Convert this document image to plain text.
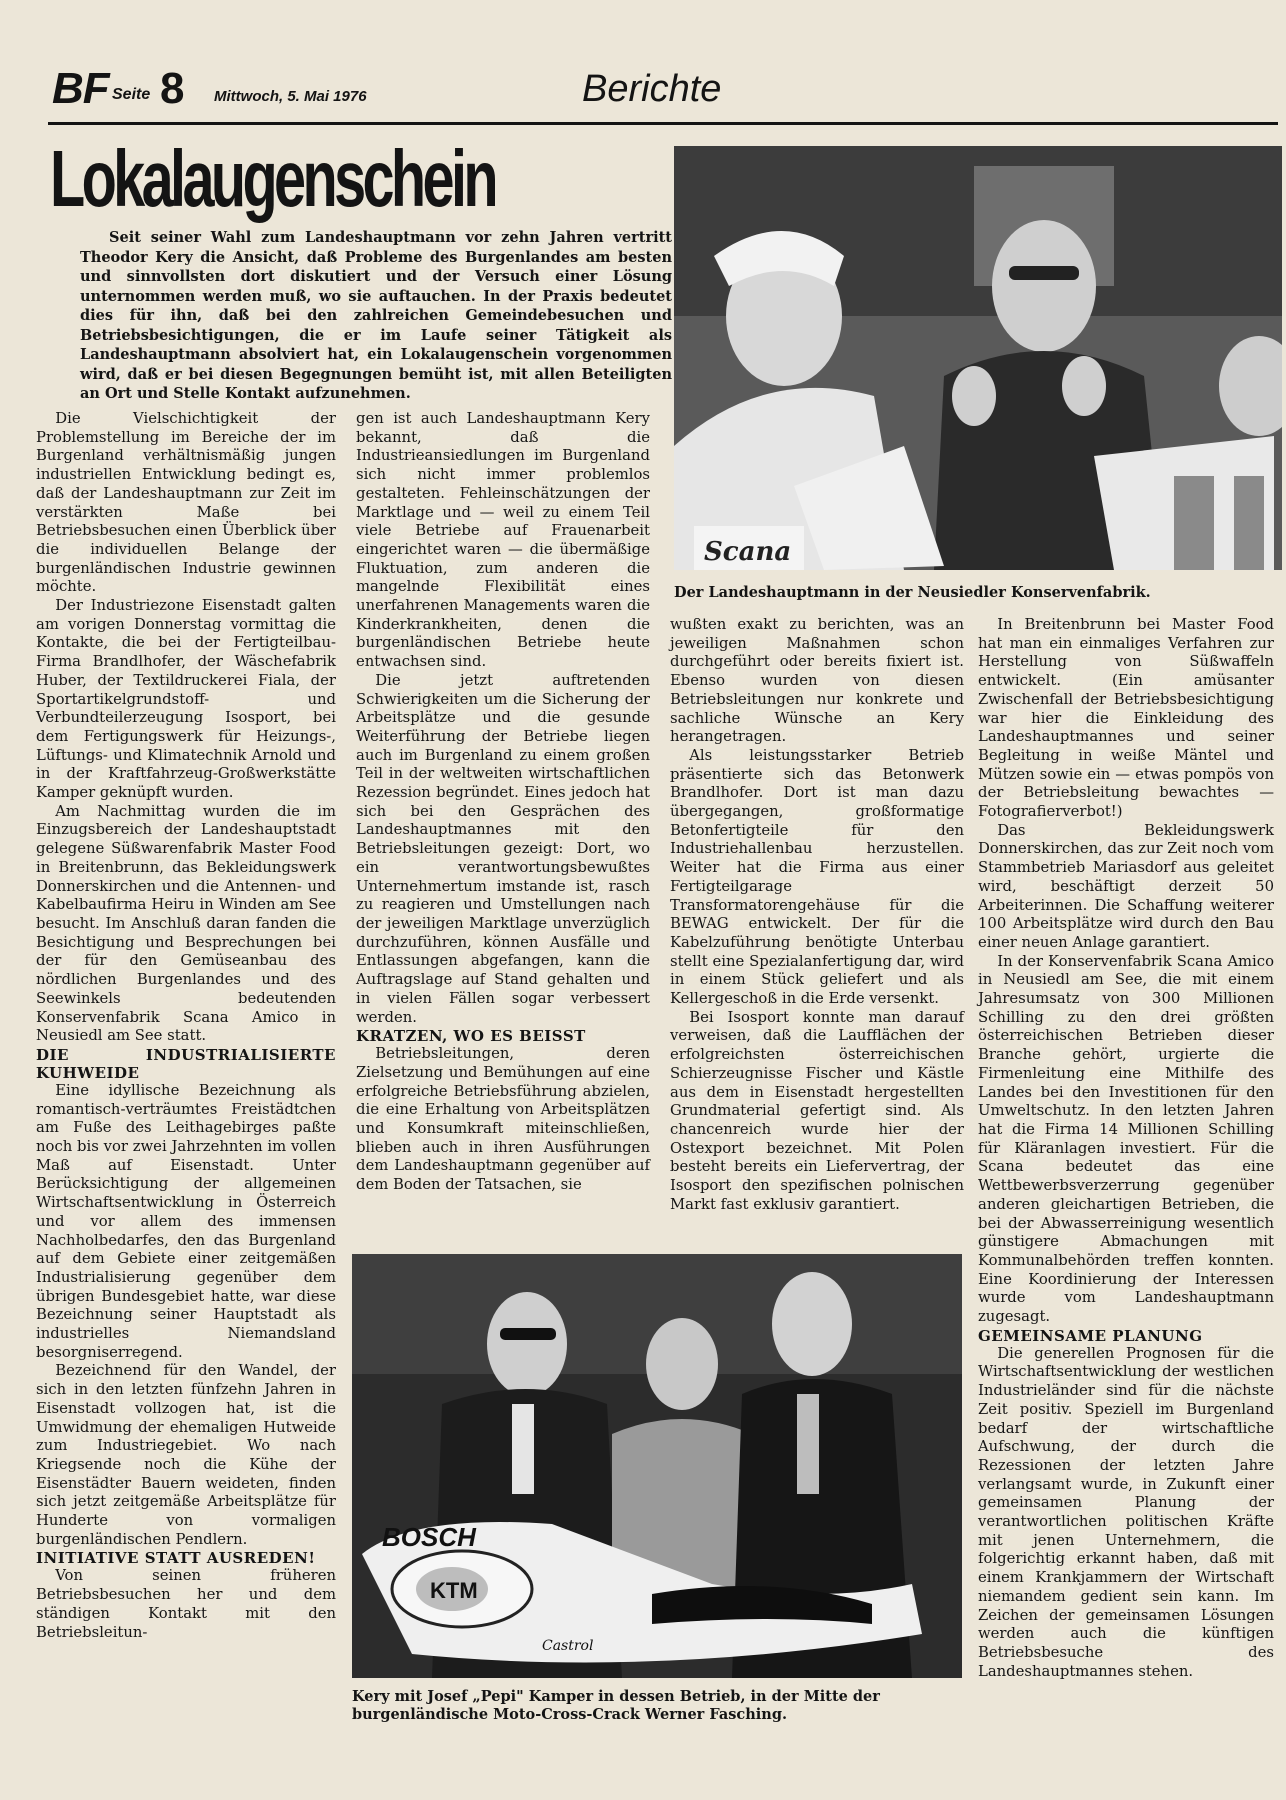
BF Seite 8 Mittwoch, 5. Mai 1976	Berichte
Lokalaugenschein
Seit seiner Wahl zum Landeshauptmann vor zehn Jahren vertritt Theodor Kery die Ansicht, daß Probleme des Burgenlandes am besten und sinnvollsten dort diskutiert und der Versuch einer Lösung unternommen werden muß, wo sie auftauchen. In der Praxis bedeutet dies für ihn, daß bei den zahlreichen Gemeindebesuchen und Betriebsbesichtigungen, die er im Laufe seiner Tätigkeit als Landeshauptmann absolviert hat, ein Lokalaugenschein vorgenommen wird, daß er bei diesen Begegnungen bemüht ist, mit allen Beteiligten an Ort und Stelle Kontakt aufzunehmen.
Scana
Der Landeshauptmann in der Neusiedler Konservenfabrik.

Die Vielschichtigkeit der Problemstellung im Bereiche der im Burgenland verhältnismäßig jungen industriellen Entwicklung bedingt es, daß der Landeshauptmann zur Zeit im verstärkten Maße bei Betriebsbesuchen einen Überblick über die individuellen Belange der burgenländischen Industrie gewinnen möchte.

Der Industriezone Eisenstadt galten am vorigen Donnerstag vormittag die Kontakte, die bei der Fertigteilbau-Firma Brandlhofer, der Wäschefabrik Huber, der Textildruckerei Fiala, der Sportartikelgrundstoff- und Verbundteilerzeugung Isosport, bei dem Fertigungswerk für Heizungs-, Lüftungs- und Klimatechnik Arnold und in der Kraftfahrzeug-Großwerkstätte Kamper geknüpft wurden.

Am Nachmittag wurden die im Einzugsbereich der Landeshauptstadt gelegene Süßwarenfabrik Master Food in Breitenbrunn, das Bekleidungswerk Donnerskirchen und die Antennen- und Kabelbaufirma Heiru in Winden am See besucht. Im Anschluß daran fanden die Besichtigung und Besprechungen bei der für den Gemüseanbau des nördlichen Burgenlandes und des Seewinkels bedeutenden Konservenfabrik Scana Amico in Neusiedl am See statt.

DIE INDUSTRIALISIERTE KUHWEIDE

Eine idyllische Bezeichnung als romantisch-verträumtes Freistädtchen am Fuße des Leithagebirges paßte noch bis vor zwei Jahrzehnten im vollen Maß auf Eisenstadt. Unter Berücksichtigung der allgemeinen Wirtschaftsentwicklung in Österreich und vor allem des immensen Nachholbedarfes, den das Burgenland auf dem Gebiete einer zeitgemäßen Industrialisierung gegenüber dem übrigen Bundesgebiet hatte, war diese Bezeichnung seiner Hauptstadt als industrielles Niemandsland besorgniserregend.

Bezeichnend für den Wandel, der sich in den letzten fünfzehn Jahren in Eisenstadt vollzogen hat, ist die Umwidmung der ehemaligen Hutweide zum Industriegebiet. Wo nach Kriegsende noch die Kühe der Eisenstädter Bauern weideten, finden sich jetzt zeitgemäße Arbeitsplätze für Hunderte von vormaligen burgenländischen Pendlern.

INITIATIVE STATT AUSREDEN!

Von seinen früheren Betriebsbesuchen her und dem ständigen Kontakt mit den Betriebsleitun-

gen ist auch Landeshauptmann Kery bekannt, daß die Industrieansiedlungen im Burgenland sich nicht immer problemlos gestalteten. Fehleinschätzungen der Marktlage und — weil zu einem Teil viele Betriebe auf Frauenarbeit eingerichtet waren — die übermäßige Fluktuation, zum anderen die mangelnde Flexibilität eines unerfahrenen Managements waren die Kinderkrankheiten, denen die burgenländischen Betriebe heute entwachsen sind.

Die jetzt auftretenden Schwierigkeiten um die Sicherung der Arbeitsplätze und die gesunde Weiterführung der Betriebe liegen auch im Burgenland zu einem großen Teil in der weltweiten wirtschaftlichen Rezession begründet. Eines jedoch hat sich bei den Gesprächen des Landeshauptmannes mit den Betriebsleitungen gezeigt: Dort, wo ein verantwortungsbewußtes Unternehmertum imstande ist, rasch zu reagieren und Umstellungen nach der jeweiligen Marktlage unverzüglich durchzuführen, können Ausfälle und Entlassungen abgefangen, kann die Auftragslage auf Stand gehalten und in vielen Fällen sogar verbessert werden.

KRATZEN, WO ES BEISST

Betriebsleitungen, deren Zielsetzung und Bemühungen auf eine erfolgreiche Betriebsführung abzielen, die eine Erhaltung von Arbeitsplätzen und Konsumkraft miteinschließen, blieben auch in ihren Ausführungen dem Landeshauptmann gegenüber auf dem Boden der Tatsachen, sie

wußten exakt zu berichten, was an jeweiligen Maßnahmen schon durchgeführt oder bereits fixiert ist. Ebenso wurden von diesen Betriebsleitungen nur konkrete und sachliche Wünsche an Kery herangetragen.

Als leistungsstarker Betrieb präsentierte sich das Betonwerk Brandlhofer. Dort ist man dazu übergegangen, großformatige Betonfertigteile für den Industriehallenbau herzustellen. Weiter hat die Firma aus einer Fertigteilgarage Transformatorengehäuse für die BEWAG entwickelt. Der für die Kabelzuführung benötigte Unterbau stellt eine Spezialanfertigung dar, wird in einem Stück geliefert und als Kellergeschoß in die Erde versenkt.

Bei Isosport konnte man darauf verweisen, daß die Laufflächen der erfolgreichsten österreichischen Schierzeugnisse Fischer und Kästle aus dem in Eisenstadt hergestellten Grundmaterial gefertigt sind. Als chancenreich wurde hier der Ostexport bezeichnet. Mit Polen besteht bereits ein Liefervertrag, der Isosport den spezifischen polnischen Markt fast exklusiv garantiert.

In Breitenbrunn bei Master Food hat man ein einmaliges Verfahren zur Herstellung von Süßwaffeln entwickelt. (Ein amüsanter Zwischenfall der Betriebsbesichtigung war hier die Einkleidung des Landeshauptmannes und seiner Begleitung in weiße Mäntel und Mützen sowie ein — etwas pompös von der Betriebsleitung bewachtes — Fotografierverbot!)

Das Bekleidungswerk Donnerskirchen, das zur Zeit noch vom Stammbetrieb Mariasdorf aus geleitet wird, beschäftigt derzeit 50 Arbeiterinnen. Die Schaffung weiterer 100 Arbeitsplätze wird durch den Bau einer neuen Anlage garantiert.

In der Konservenfabrik Scana Amico in Neusiedl am See, die mit einem Jahresumsatz von 300 Millionen Schilling zu den drei größten österreichischen Betrieben dieser Branche gehört, urgierte die Firmenleitung eine Mithilfe des Landes bei den Investitionen für den Umweltschutz. In den letzten Jahren hat die Firma 14 Millionen Schilling für Kläranlagen investiert. Für die Scana bedeutet das eine Wettbewerbsverzerrung gegenüber anderen gleichartigen Betrieben, die bei der Abwasserreinigung wesentlich günstigere Abmachungen mit Kommunalbehörden treffen konnten. Eine Koordinierung der Interessen wurde vom Landeshauptmann zugesagt.

GEMEINSAME PLANUNG

Die generellen Prognosen für die Wirtschaftsentwicklung der westlichen Industrieländer sind für die nächste Zeit positiv. Speziell im Burgenland bedarf der wirtschaftliche Aufschwung, der durch die Rezessionen der letzten Jahre verlangsamt wurde, in Zukunft einer gemeinsamen Planung der verantwortlichen politischen Kräfte mit jenen Unternehmern, die folgerichtig erkannt haben, daß mit einem Krankjammern der Wirtschaft niemandem gedient sein kann. Im Zeichen der gemeinsamen Lösungen werden auch die künftigen Betriebsbesuche des Landeshauptmannes stehen.

BOSCH
KTM
Castrol
Kery mit Josef „Pepi" Kamper in dessen Betrieb, in der Mitte der burgenländische Moto-Cross-Crack Werner Fasching.
